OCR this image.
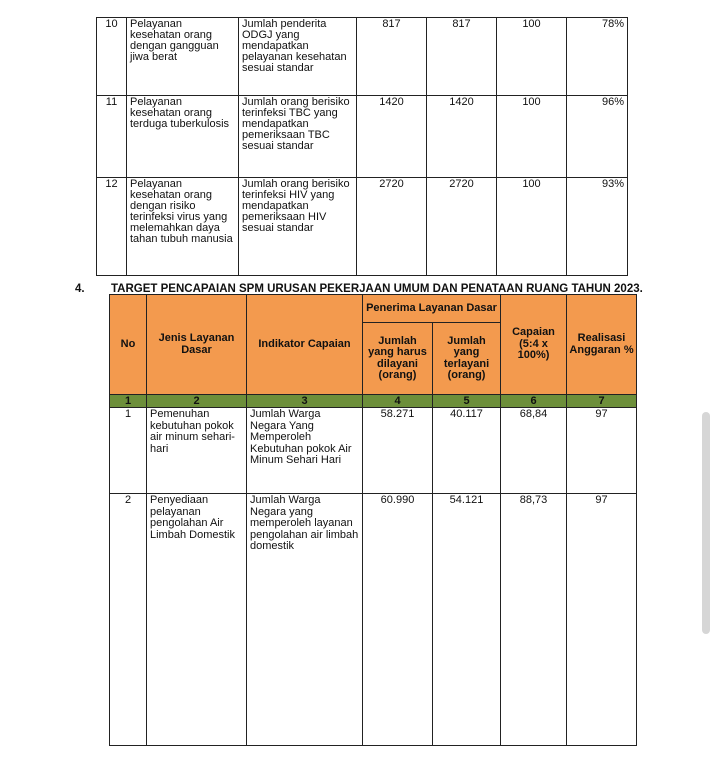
10	Pelayanan kesehatan orang dengan gangguan jiwa berat	Jumlah penderita ODGJ yang mendapatkan pelayanan kesehatan sesuai standar	817	817	100	78%
11	Pelayanan kesehatan orang terduga tuberkulosis	Jumlah orang berisiko terinfeksi TBC yang mendapatkan pemeriksaan TBC sesuai standar	1420	1420	100	96%
12	Pelayanan kesehatan orang dengan risiko terinfeksi virus yang melemahkan daya tahan tubuh manusia	Jumlah orang berisiko terinfeksi HIV yang mendapatkan pemeriksaan HIV sesuai standar	2720	2720	100	93%
4. TARGET PENCAPAIAN SPM URUSAN PEKERJAAN UMUM DAN PENATAAN RUANG TAHUN 2023.
No	Jenis Layanan Dasar	Indikator Capaian	Penerima Layanan Dasar		Capaian (5:4 x 100%)	Realisasi Anggaran %
			Jumlah yang harus dilayani (orang)	Jumlah yang terlayani (orang)		
1	2	3	4	5	6	7
1	Pemenuhan kebutuhan pokok air minum sehari-hari	Jumlah Warga Negara Yang Memperoleh Kebutuhan pokok Air Minum Sehari Hari	58.271	40.117	68,84	97
2	Penyediaan pelayanan pengolahan Air Limbah Domestik	Jumlah Warga Negara yang memperoleh layanan pengolahan air limbah domestik	60.990	54.121	88,73	97
